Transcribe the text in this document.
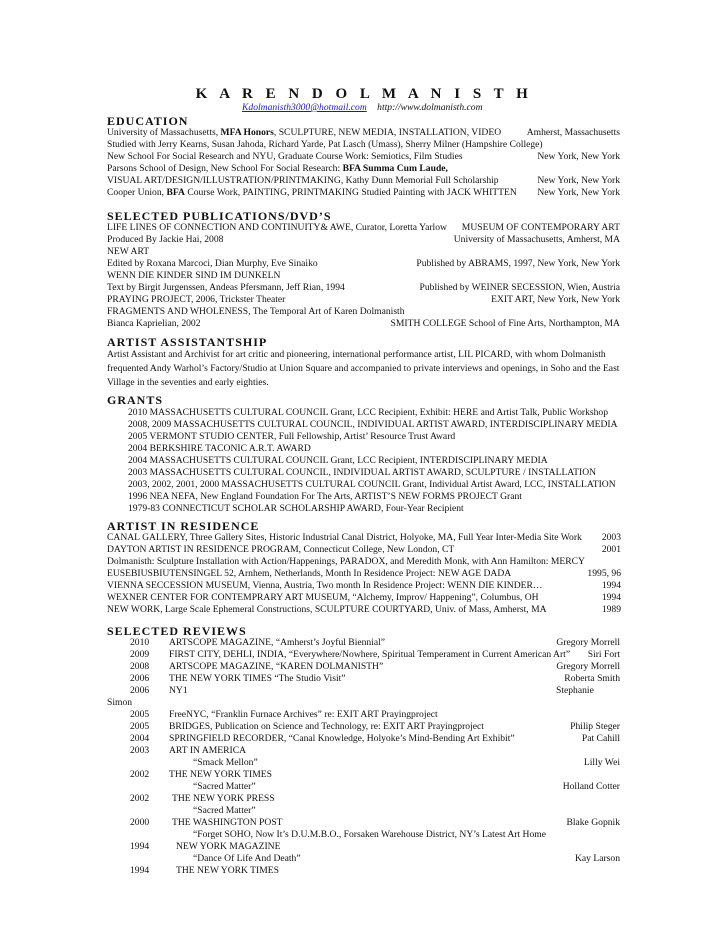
K A R E N D O L M A N I S T H
Kdolmanisth3000@hotmail.com http://www.dolmanisth.com
EDUCATION
University of Massachusetts, MFA Honors, SCULPTURE, NEW MEDIA, INSTALLATION, VIDEO	Amherst, Massachusetts
Studied with Jerry Kearns, Susan Jahoda, Richard Yarde, Pat Lasch (Umass), Sherry Milner (Hampshire College)
New School For Social Research and NYU, Graduate Course Work: Semiotics, Film Studies	New York, New York
Parsons School of Design, New School For Social Research: BFA Summa Cum Laude,
VISUAL ART/DESIGN/ILLUSTRATION/PRINTMAKING, Kathy Dunn Memorial Full Scholarship	New York, New York
Cooper Union, BFA Course Work, PAINTING, PRINTMAKING Studied Painting with JACK WHITTEN New York, New York
SELECTED PUBLICATIONS/DVD’S
LIFE LINES OF CONNECTION AND CONTINUITY& AWE, Curator, Loretta Yarlow MUSEUM OF CONTEMPORARY ART
Produced By Jackie Hai, 2008	University of Massachusetts, Amherst, MA
NEW ART
Edited by Roxana Marcoci, Dian Murphy, Eve Sinaiko	Published by ABRAMS, 1997, New York, New York
WENN DIE KINDER SIND IM DUNKELN
Text by Birgit Jurgenssen, Andeas Pfersmann, Jeff Rian, 1994	Published by WEINER SECESSION, Wien, Austria
PRAYING PROJECT, 2006, Trickster Theater	EXIT ART, New York, New York
FRAGMENTS AND WHOLENESS, The Temporal Art of Karen Dolmanisth
Bianca Kaprielian, 2002	SMITH COLLEGE School of Fine Arts, Northampton, MA
ARTIST ASSISTANTSHIP
Artist Assistant and Archivist for art critic and pioneering, international performance artist, LIL PICARD, with whom Dolmanisth frequented Andy Warhol’s Factory/Studio at Union Square and accompanied to private interviews and openings, in Soho and the East Village in the seventies and early eighties.
GRANTS
2010 MASSACHUSETTS CULTURAL COUNCIL Grant, LCC Recipient, Exhibit: HERE and Artist Talk, Public Workshop
2008, 2009 MASSACHUSETTS CULTURAL COUNCIL, INDIVIDUAL ARTIST AWARD, INTERDISCIPLINARY MEDIA
2005 VERMONT STUDIO CENTER, Full Fellowship, Artist’ Resource Trust Award
2004 BERKSHIRE TACONIC A.R.T. AWARD
2004 MASSACHUSETTS CULTURAL COUNCIL Grant, LCC Recipient, INTERDISCIPLINARY MEDIA
2003 MASSACHUSETTS CULTURAL COUNCIL, INDIVIDUAL ARTIST AWARD, SCULPTURE / INSTALLATION
2003, 2002, 2001, 2000 MASSACHUSETTS CULTURAL COUNCIL Grant, Individual Artist Award, LCC, INSTALLATION
1996 NEA NEFA, New England Foundation For The Arts, ARTIST’S NEW FORMS PROJECT Grant
1979-83 CONNECTICUT SCHOLAR SCHOLARSHIP AWARD, Four-Year Recipient
ARTIST IN RESIDENCE
CANAL GALLERY, Three Gallery Sites, Historic Industrial Canal District, Holyoke, MA, Full Year Inter-Media Site Work 2003
DAYTON ARTIST IN RESIDENCE PROGRAM, Connecticut College, New London, CT	2001
Dolmanisth: Sculpture Installation with Action/Happenings, PARADOX, and Meredith Monk, with Ann Hamilton: MERCY
EUSEBIUSBIUTENSINGEL 52, Arnhem, Netherlands, Month In Residence Project: NEW AGE DADA	1995, 96
VIENNA SECCESSION MUSEUM, Vienna, Austria, Two month In Residence Project: WENN DIE KINDER…	1994
WEXNER CENTER FOR CONTEMPRARY ART MUSEUM, “Alchemy, Improv/ Happening”, Columbus, OH	1994
NEW WORK, Large Scale Ephemeral Constructions, SCULPTURE COURTYARD, Univ. of Mass, Amherst, MA	1989
SELECTED REVIEWS
2010 ARTSCOPE MAGAZINE, “Amherst’s Joyful Biennial”	Gregory Morrell
2009 FIRST CITY, DEHLI, INDIA, “Everywhere/Nowhere, Spiritual Temperament in Current American Art” Siri Fort
2008 ARTSCOPE MAGAZINE, “KAREN DOLMANISTH”	Gregory Morrell
2006 THE NEW YORK TIMES “The Studio Visit”	Roberta Smith
2006 NY1	Stephanie
Simon
2005 FreeNYC, “Franklin Furnace Archives” re: EXIT ART Prayingproject
2005 BRIDGES, Publication on Science and Technology, re: EXIT ART Prayingproject	Philip Steger
2004 SPRINGFIELD RECORDER, “Canal Knowledge, Holyoke’s Mind-Bending Art Exhibit”	Pat Cahill
2003 ART IN AMERICA
“Smack Mellon”	Lilly Wei
2002 THE NEW YORK TIMES
“Sacred Matter”	Holland Cotter
2002 THE NEW YORK PRESS
“Sacred Matter”
2000 THE WASHINGTON POST	Blake Gopnik
“Forget SOHO, Now It’s D.U.M.B.O., Forsaken Warehouse District, NY’s Latest Art Home
1994	NEW YORK MAGAZINE
“Dance Of Life And Death”	Kay Larson
1994	THE NEW YORK TIMES
